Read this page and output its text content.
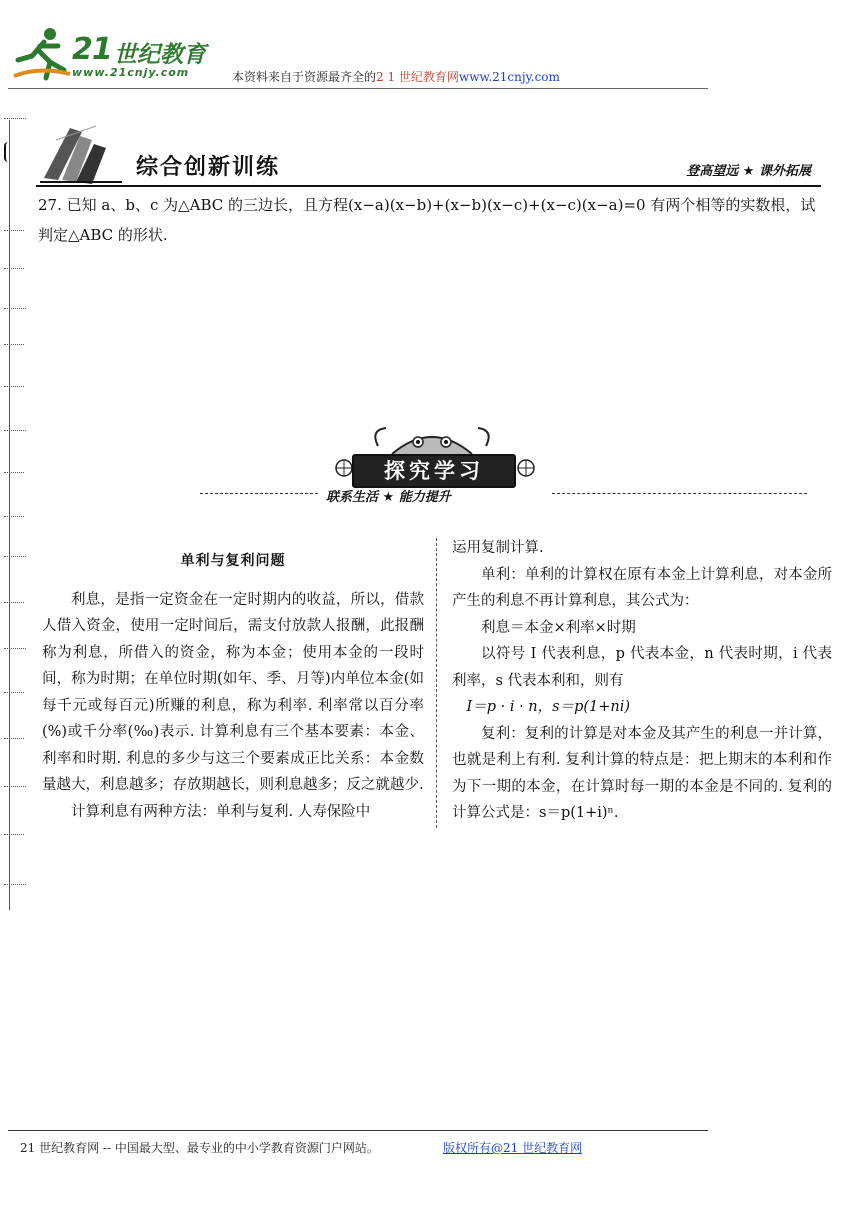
21 世纪教育
www.21cnjy.com	本资料来自于资源最齐全的2 1 世纪教育网www.21cnjy.com
综合创新训练	登高望远 ★ 课外拓展
27. 已知 a、b、c 为△ABC 的三边长，且方程(x−a)(x−b)+(x−b)(x−c)+(x−c)(x−a)=0 有两个相等的实数根，试判定△ABC 的形状.
探究学习
联系生活 ★ 能力提升
单利与复利问题

利息，是指一定资金在一定时期内的收益，所以，借款人借入资金，使用一定时间后，需支付放款人报酬，此报酬称为利息，所借入的资金，称为本金；使用本金的一段时间，称为时期；在单位时期(如年、季、月等)内单位本金(如每千元或每百元)所赚的利息，称为利率. 利率常以百分率(%)或千分率(‰)表示. 计算利息有三个基本要素：本金、利率和时期. 利息的多少与这三个要素成正比关系：本金数量越大，利息越多；存放期越长，则利息越多；反之就越少.

计算利息有两种方法：单利与复利. 人寿保险中

运用复制计算.

单利：单利的计算权在原有本金上计算利息，对本金所产生的利息不再计算利息，其公式为：

利息＝本金×利率×时期

以符号 I 代表利息，p 代表本金，n 代表时期，i 代表利率，s 代表本利和，则有

I＝p · i · n，s＝p(1+ni)

复利：复利的计算是对本金及其产生的利息一并计算，也就是利上有利. 复利计算的特点是：把上期末的本利和作为下一期的本金，在计算时每一期的本金是不同的. 复利的计算公式是：s＝p(1+i)ⁿ.

21 世纪教育网 -- 中国最大型、最专业的中小学教育资源门户网站。	版权所有@21 世纪教育网
